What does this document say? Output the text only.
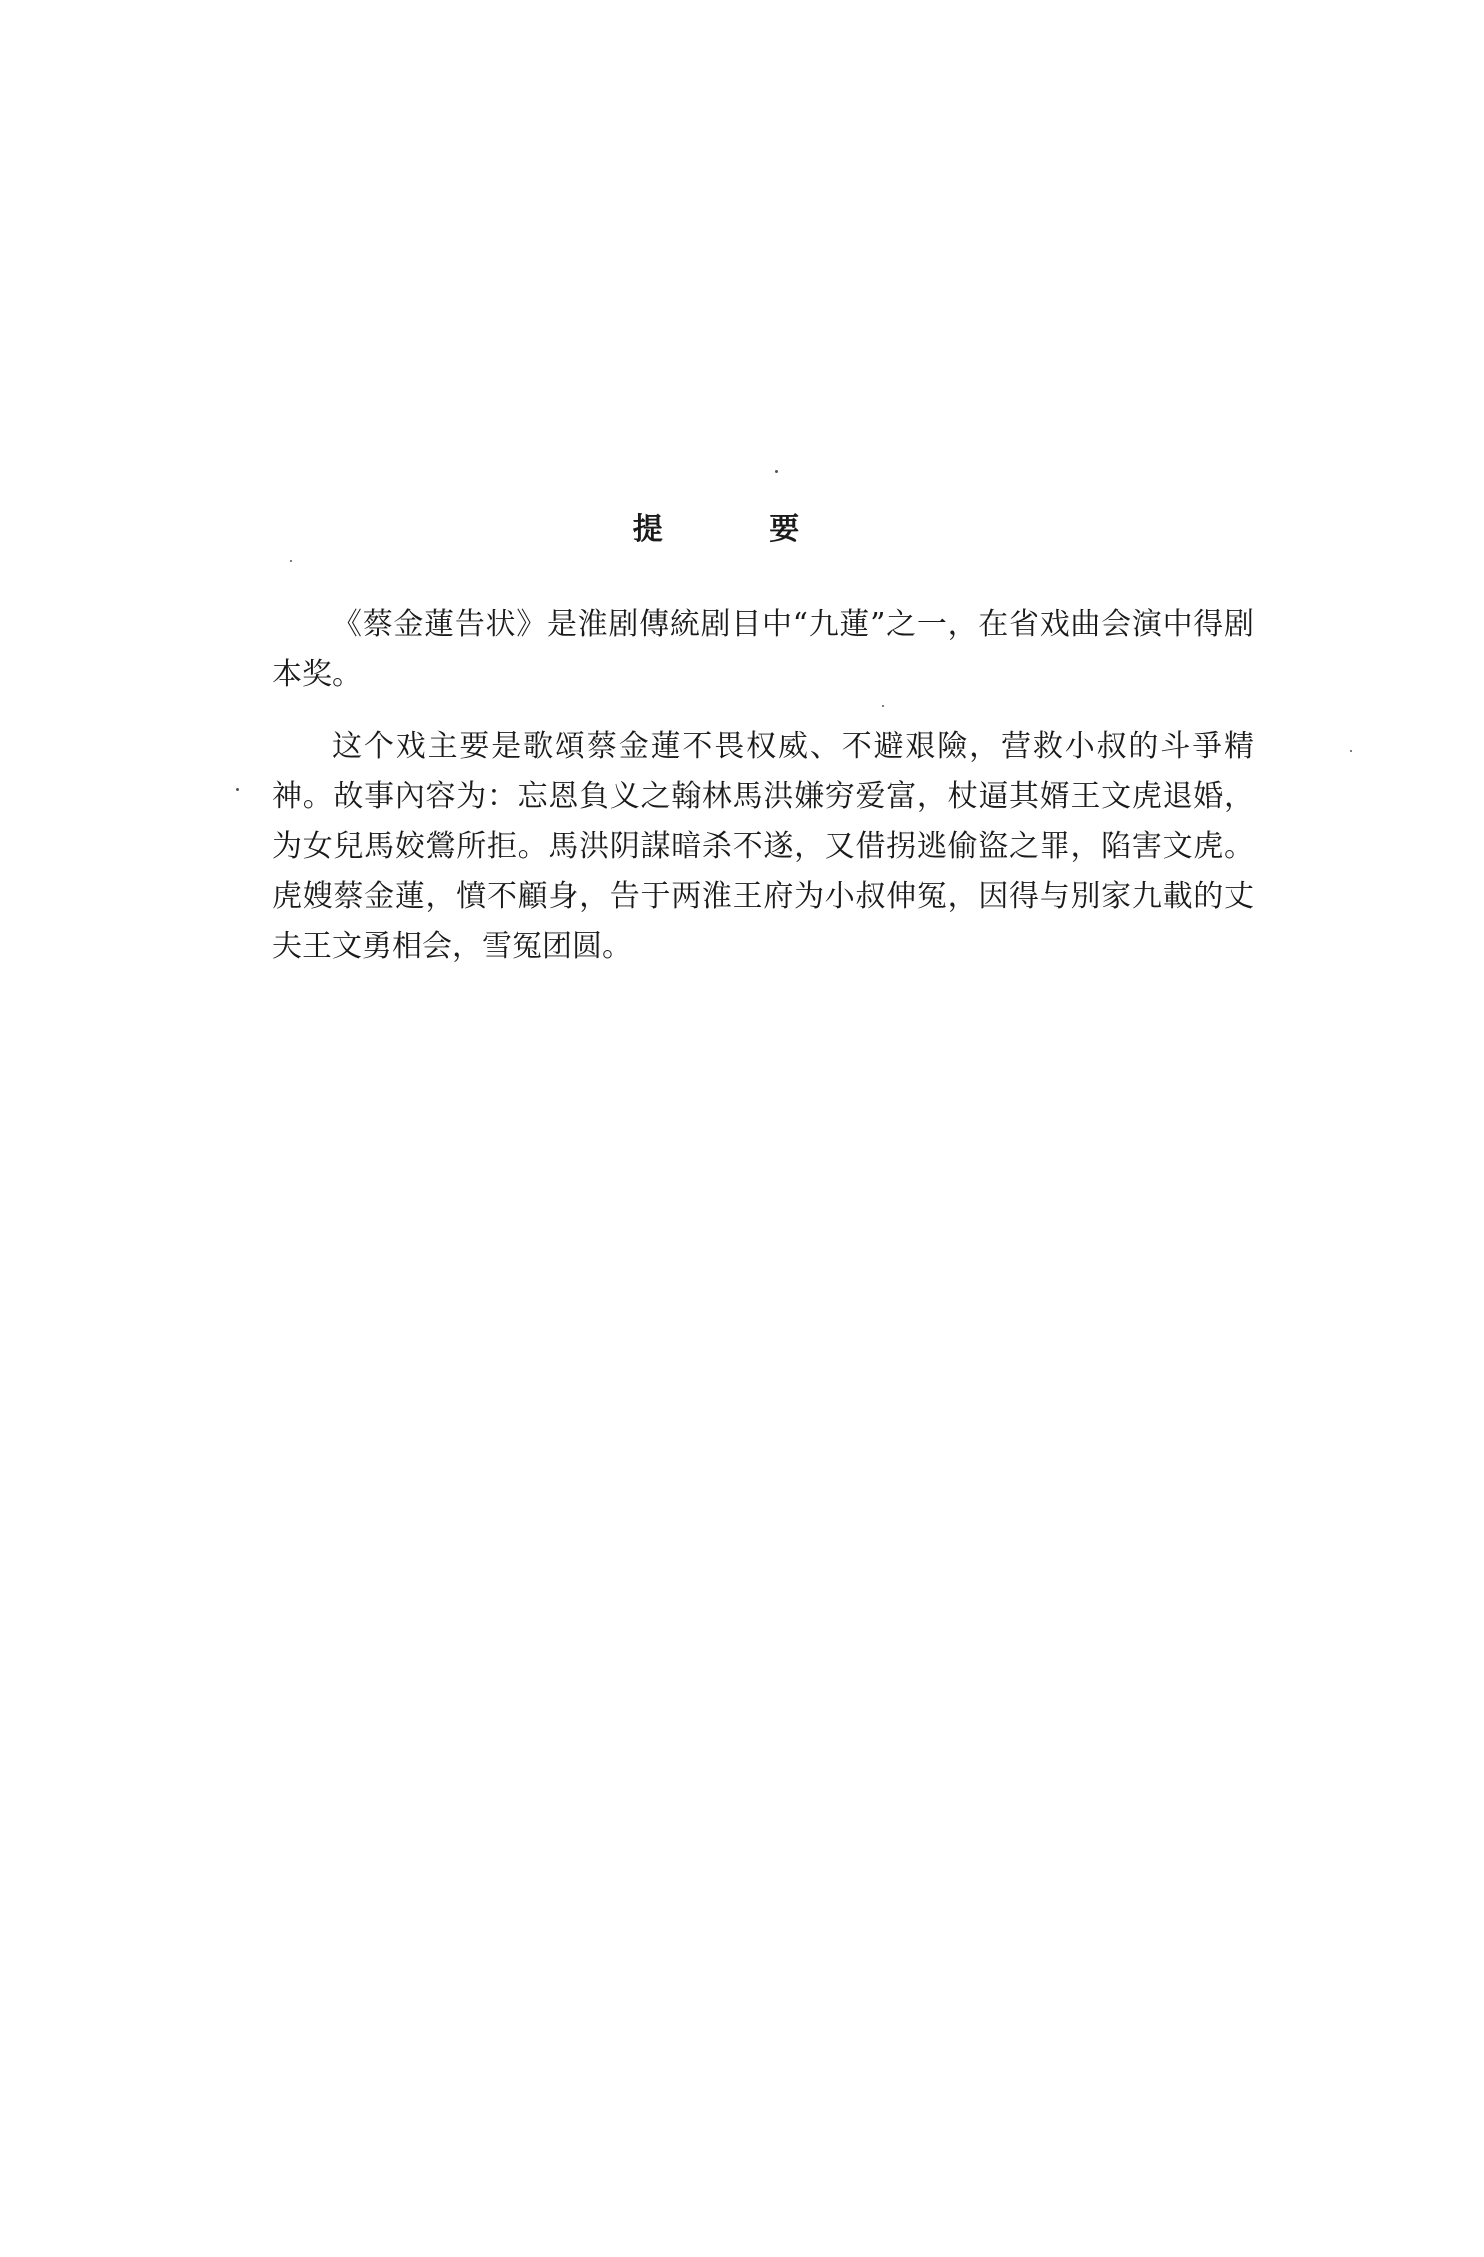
提 要

《蔡金蓮告状》是淮剧傳統剧目中“九蓮”之一，在省戏曲会演中得剧本奖。

这个戏主要是歌頌蔡金蓮不畏权威、不避艰險，营救小叔的斗爭精神。故事內容为：忘恩負义之翰林馬洪嫌穷爱富，杖逼其婿王文虎退婚，为女兒馬姣鶯所拒。馬洪阴謀暗杀不遂，又借拐逃偷盜之罪，陷害文虎。虎嫂蔡金蓮，憤不顧身，告于两淮王府为小叔伸冤，因得与別家九載的丈夫王文勇相会，雪冤团圆。
